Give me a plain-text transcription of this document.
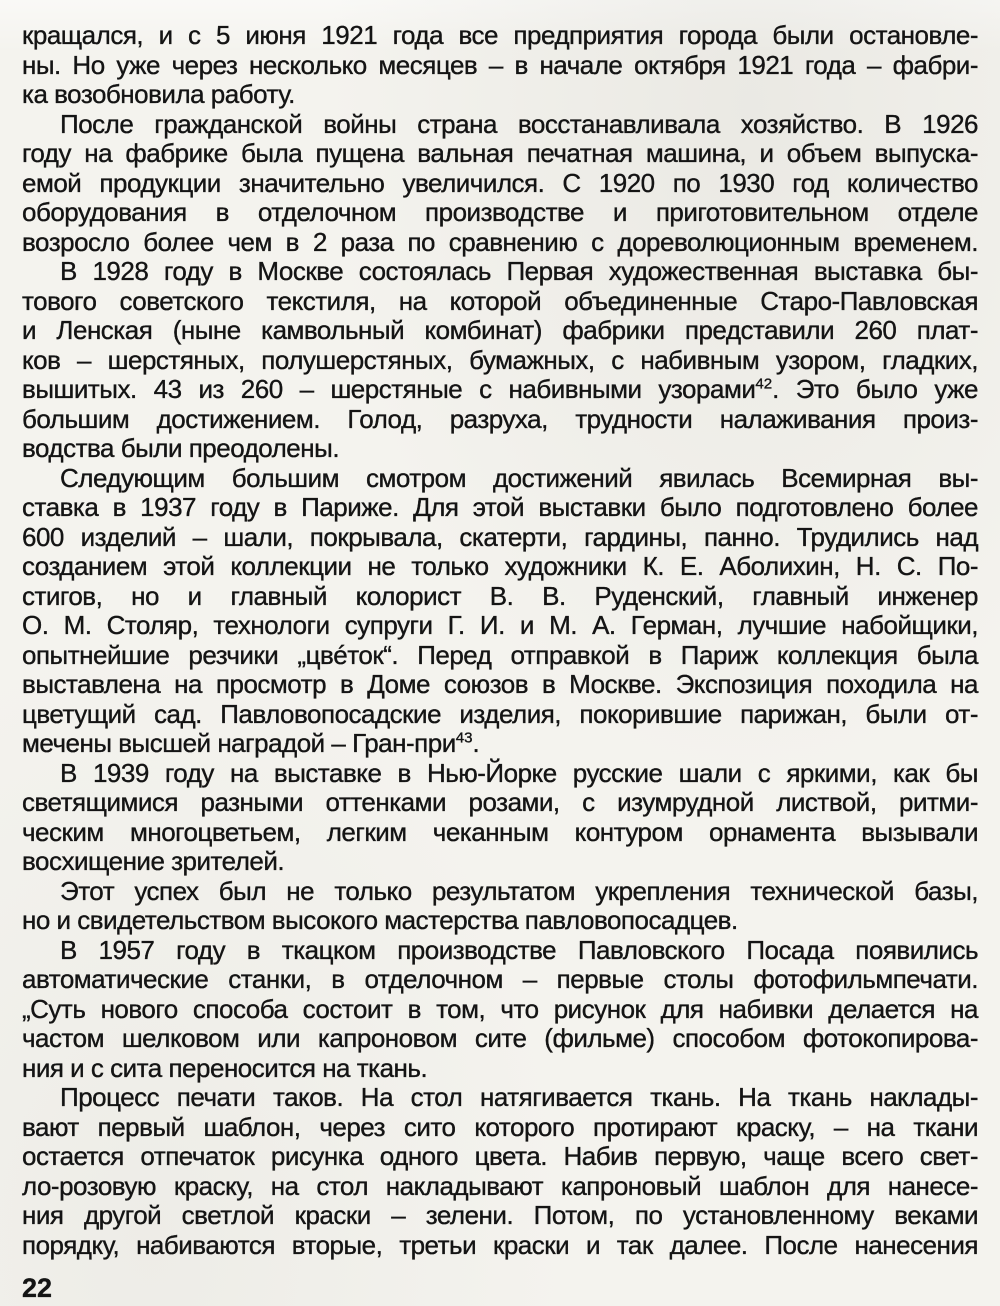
кращался, и с 5 июня 1921 года все предприятия города были остановле-
ны. Но уже через несколько месяцев – в начале октября 1921 года – фабри-
ка возобновила работу.
После гражданской войны страна восстанавливала хозяйство. В 1926
году на фабрике была пущена вальная печатная машина, и объем выпуска-
емой продукции значительно увеличился. С 1920 по 1930 год количество
оборудования в отделочном производстве и приготовительном отделе
возросло более чем в 2 раза по сравнению с дореволюционным временем.
В 1928 году в Москве состоялась Первая художественная выставка бы-
тового советского текстиля, на которой объединенные Старо-Павловская
и Ленская (ныне камвольный комбинат) фабрики представили 260 плат-
ков – шерстяных, полушерстяных, бумажных, с набивным узором, гладких,
вышитых. 43 из 260 – шерстяные с набивными узорами$^{42}$. Это было уже
большим достижением. Голод, разруха, трудности налаживания произ-
водства были преодолены.
Следующим большим смотром достижений явилась Всемирная вы-
ставка в 1937 году в Париже. Для этой выставки было подготовлено более
600 изделий – шали, покрывала, скатерти, гардины, панно. Трудились над
созданием этой коллекции не только художники К. Е. Аболихин, Н. С. По-
стигов, но и главный колорист В. В. Руденский, главный инженер
О. М. Столяр, технологи супруги Г. И. и М. А. Герман, лучшие набойщики,
опытнейшие резчики „цвéток“. Перед отправкой в Париж коллекция была
выставлена на просмотр в Доме союзов в Москве. Экспозиция походила на
цветущий сад. Павловопосадские изделия, покорившие парижан, были от-
мечены высшей наградой – Гран-при$^{43}$.
В 1939 году на выставке в Нью-Йорке русские шали с яркими, как бы
светящимися разными оттенками розами, с изумрудной листвой, ритми-
ческим многоцветьем, легким чеканным контуром орнамента вызывали
восхищение зрителей.
Этот успех был не только результатом укрепления технической базы,
но и свидетельством высокого мастерства павловопосадцев.
В 1957 году в ткацком производстве Павловского Посада появились
автоматические станки, в отделочном – первые столы фотофильмпечати.
„Суть нового способа состоит в том, что рисунок для набивки делается на
частом шелковом или капроновом сите (фильме) способом фотокопирова-
ния и с сита переносится на ткань.
Процесс печати таков. На стол натягивается ткань. На ткань наклады-
вают первый шаблон, через сито которого протирают краску, – на ткани
остается отпечаток рисунка одного цвета. Набив первую, чаще всего свет-
ло-розовую краску, на стол накладывают капроновый шаблон для нанесе-
ния другой светлой краски – зелени. Потом, по установленному веками
порядку, набиваются вторые, третьи краски и так далее. После нанесения
22
